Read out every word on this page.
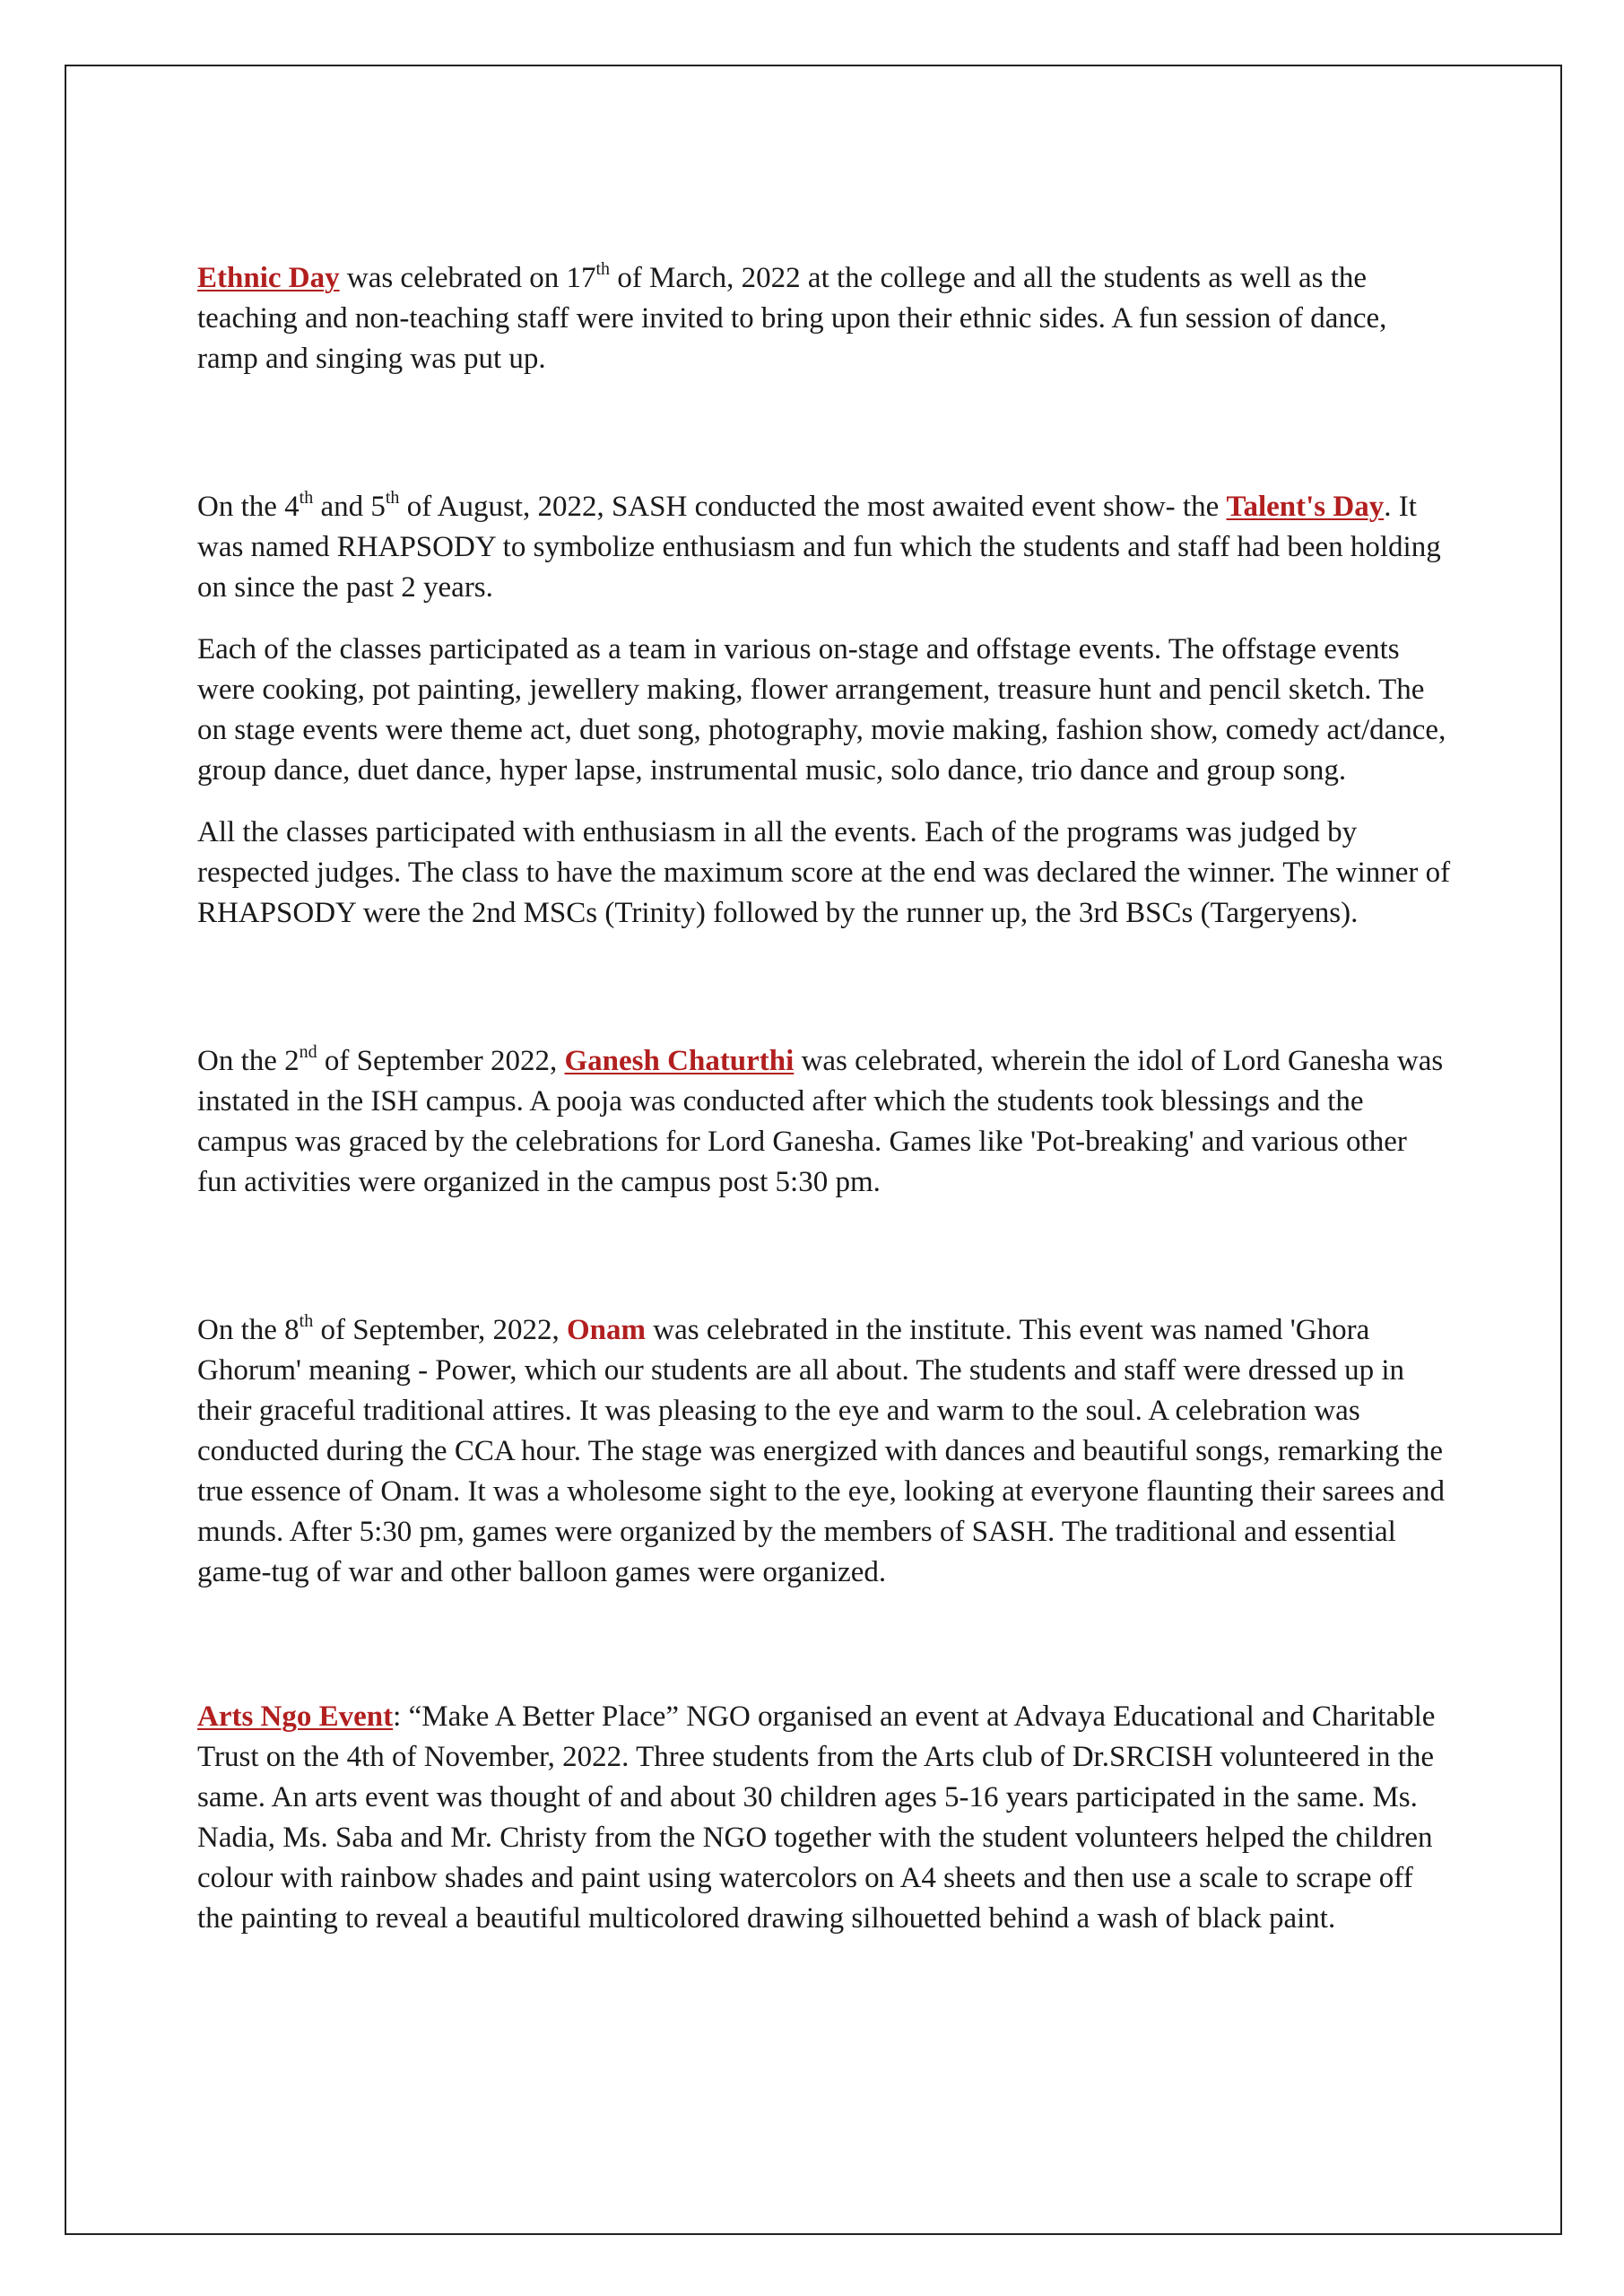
Ethnic Day was celebrated on 17th of March, 2022 at the college and all the students as well as the teaching and non-teaching staff were invited to bring upon their ethnic sides. A fun session of dance, ramp and singing was put up.

On the 4th and 5th of August, 2022, SASH conducted the most awaited event show- the Talent's Day. It was named RHAPSODY to symbolize enthusiasm and fun which the students and staff had been holding on since the past 2 years.

Each of the classes participated as a team in various on-stage and offstage events. The offstage events were cooking, pot painting, jewellery making, flower arrangement, treasure hunt and pencil sketch. The on stage events were theme act, duet song, photography, movie making, fashion show, comedy act/dance, group dance, duet dance, hyper lapse, instrumental music, solo dance, trio dance and group song.

All the classes participated with enthusiasm in all the events. Each of the programs was judged by respected judges. The class to have the maximum score at the end was declared the winner. The winner of RHAPSODY were the 2nd MSCs (Trinity) followed by the runner up, the 3rd BSCs (Targeryens).

On the 2nd of September 2022, Ganesh Chaturthi was celebrated, wherein the idol of Lord Ganesha was instated in the ISH campus. A pooja was conducted after which the students took blessings and the campus was graced by the celebrations for Lord Ganesha. Games like 'Pot-breaking' and various other fun activities were organized in the campus post 5:30 pm.

On the 8th of September, 2022, Onam was celebrated in the institute. This event was named 'Ghora Ghorum' meaning - Power, which our students are all about. The students and staff were dressed up in their graceful traditional attires. It was pleasing to the eye and warm to the soul. A celebration was conducted during the CCA hour. The stage was energized with dances and beautiful songs, remarking the true essence of Onam. It was a wholesome sight to the eye, looking at everyone flaunting their sarees and munds. After 5:30 pm, games were organized by the members of SASH. The traditional and essential game-tug of war and other balloon games were organized.

Arts Ngo Event: “Make A Better Place” NGO organised an event at Advaya Educational and Charitable Trust on the 4th of November, 2022. Three students from the Arts club of Dr.SRCISH volunteered in the same. An arts event was thought of and about 30 children ages 5-16 years participated in the same. Ms. Nadia, Ms. Saba and Mr. Christy from the NGO together with the student volunteers helped the children colour with rainbow shades and paint using watercolors on A4 sheets and then use a scale to scrape off the painting to reveal a beautiful multicolored drawing silhouetted behind a wash of black paint.
